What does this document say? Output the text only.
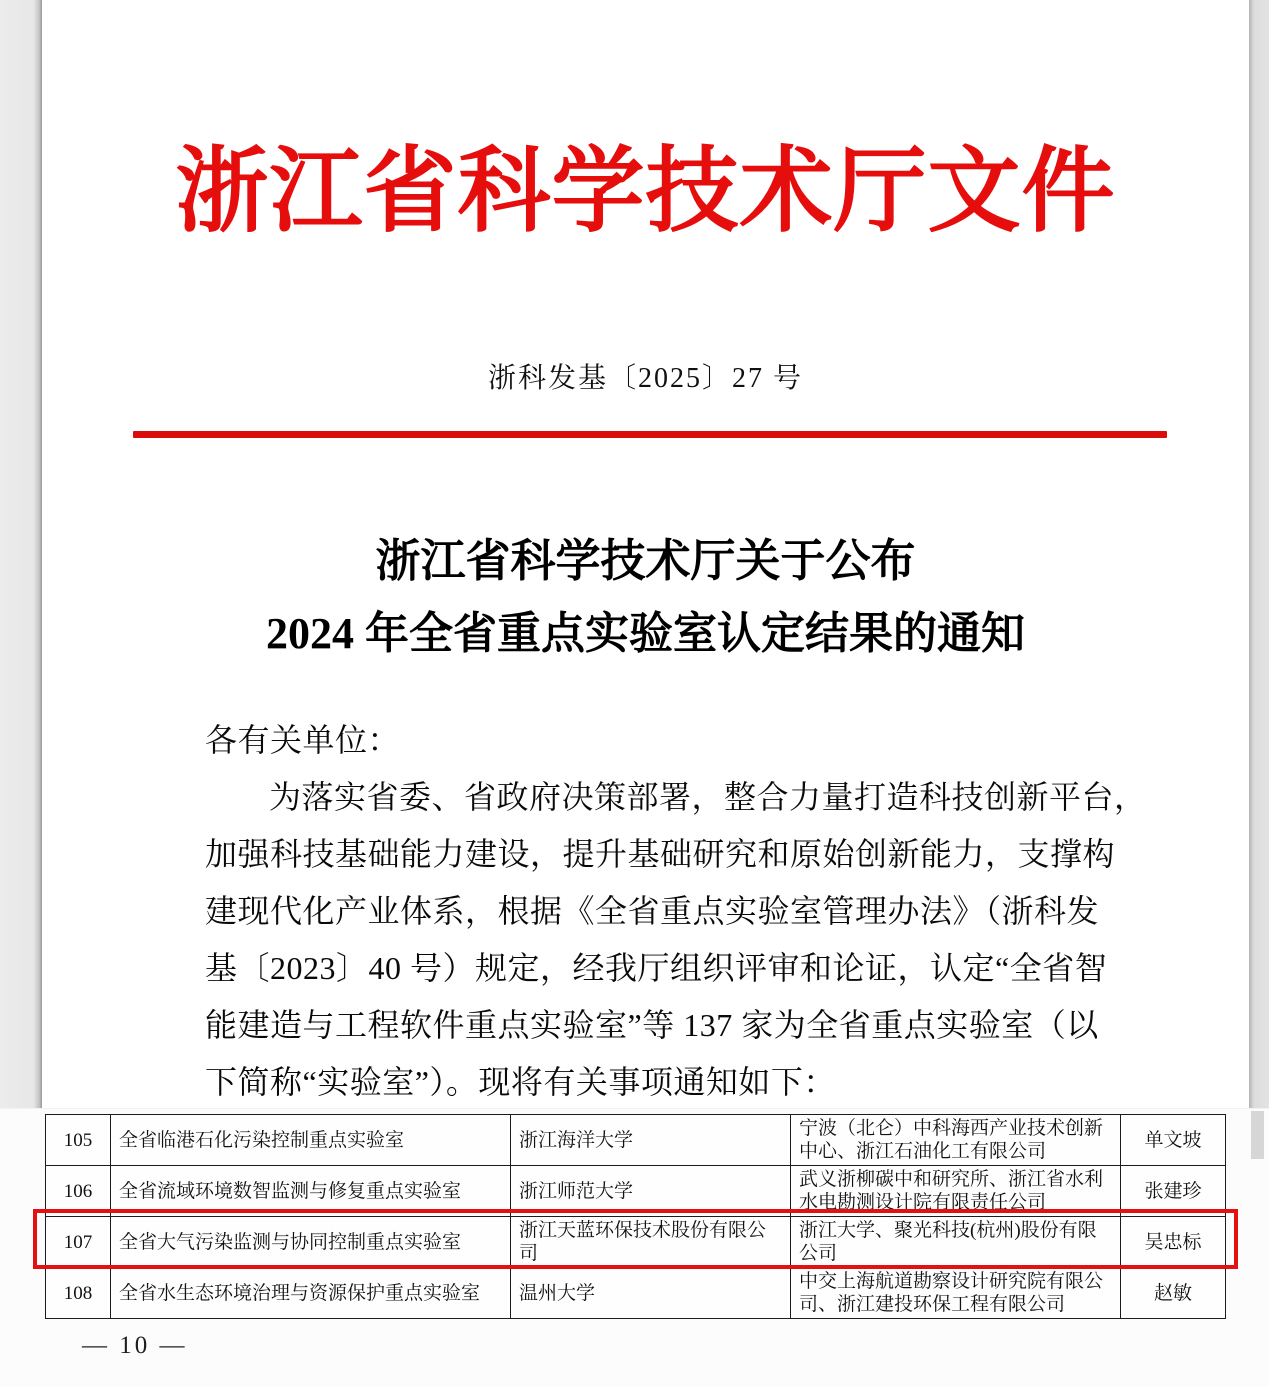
浙江省科学技术厅文件
浙科发基〔2025〕27 号
浙江省科学技术厅关于公布
2024 年全省重点实验室认定结果的通知
各有关单位：
为落实省委、省政府决策部署，整合力量打造科技创新平台，
加强科技基础能力建设，提升基础研究和原始创新能力，支撑构
建现代化产业体系，根据《全省重点实验室管理办法》（浙科发
基〔2023〕40 号）规定，经我厅组织评审和论证，认定“全省智
能建造与工程软件重点实验室”等 137 家为全省重点实验室（以
下简称“实验室”）。现将有关事项通知如下：
105	全省临港石化污染控制重点实验室	浙江海洋大学	宁波（北仑）中科海西产业技术创新中心、浙江石油化工有限公司	单文坡
106	全省流域环境数智监测与修复重点实验室	浙江师范大学	武义浙柳碳中和研究所、浙江省水利水电勘测设计院有限责任公司	张建珍
107	全省大气污染监测与协同控制重点实验室	浙江天蓝环保技术股份有限公司	浙江大学、聚光科技(杭州)股份有限公司	吴忠标
108	全省水生态环境治理与资源保护重点实验室	温州大学	中交上海航道勘察设计研究院有限公司、浙江建投环保工程有限公司	赵敏
— 10 —
